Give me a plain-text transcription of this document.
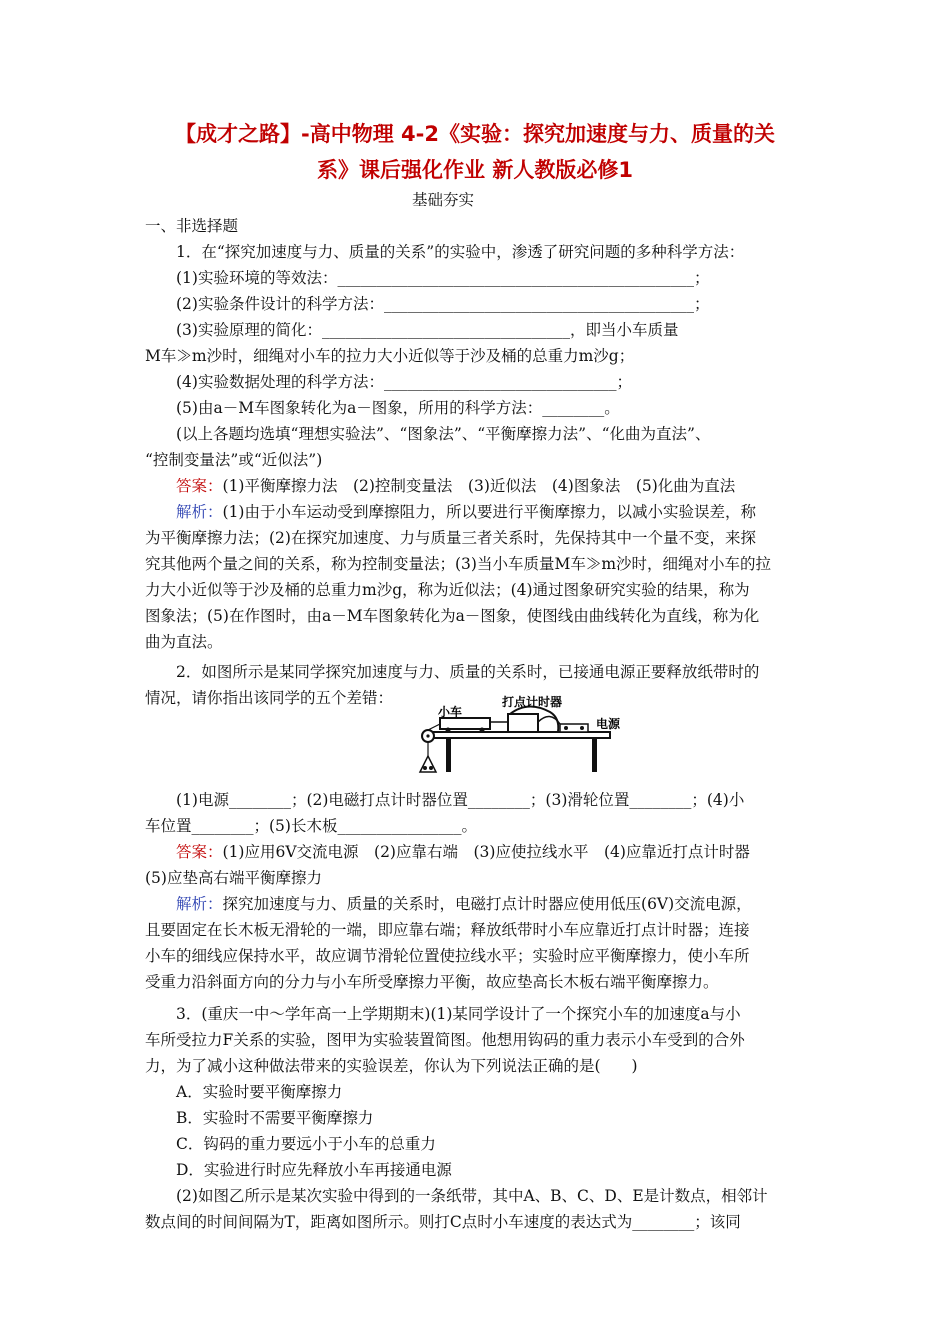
【成才之路】-高中物理 4-2《实验：探究加速度与力、质量的关
系》课后强化作业 新人教版必修1
基础夯实
一、非选择题
1．在“探究加速度与力、质量的关系”的实验中，渗透了研究问题的多种科学方法：
(1)实验环境的等效法：______________________________________________；
(2)实验条件设计的科学方法：________________________________________；
(3)实验原理的简化：________________________________，即当小车质量
M车≫m沙时，细绳对小车的拉力大小近似等于沙及桶的总重力m沙g；
(4)实验数据处理的科学方法：______________________________；
(5)由a－M车图象转化为a－图象，所用的科学方法：________。
(以上各题均选填“理想实验法”、“图象法”、“平衡摩擦力法”、“化曲为直法”、
“控制变量法”或“近似法”)
答案：(1)平衡摩擦力法　(2)控制变量法　(3)近似法　(4)图象法　(5)化曲为直法
解析：(1)由于小车运动受到摩擦阻力，所以要进行平衡摩擦力，以减小实验误差，称
为平衡摩擦力法；(2)在探究加速度、力与质量三者关系时，先保持其中一个量不变，来探
究其他两个量之间的关系，称为控制变量法；(3)当小车质量M车≫m沙时，细绳对小车的拉
力大小近似等于沙及桶的总重力m沙g，称为近似法；(4)通过图象研究实验的结果，称为
图象法；(5)在作图时，由a－M车图象转化为a－图象，使图线由曲线转化为直线，称为化
曲为直法。
2．如图所示是某同学探究加速度与力、质量的关系时，已接通电源正要释放纸带时的
情况，请你指出该同学的五个差错：
小车
打点计时器
电源
(1)电源________；(2)电磁打点计时器位置________；(3)滑轮位置________；(4)小
车位置________；(5)长木板________________。
答案：(1)应用6V交流电源　(2)应靠右端　(3)应使拉线水平　(4)应靠近打点计时器
(5)应垫高右端平衡摩擦力
解析：探究加速度与力、质量的关系时，电磁打点计时器应使用低压(6V)交流电源，
且要固定在长木板无滑轮的一端，即应靠右端；释放纸带时小车应靠近打点计时器；连接
小车的细线应保持水平，故应调节滑轮位置使拉线水平；实验时应平衡摩擦力，使小车所
受重力沿斜面方向的分力与小车所受摩擦力平衡，故应垫高长木板右端平衡摩擦力。
3．(重庆一中～学年高一上学期期末)(1)某同学设计了一个探究小车的加速度a与小
车所受拉力F关系的实验，图甲为实验装置简图。他想用钩码的重力表示小车受到的合外
力，为了减小这种做法带来的实验误差，你认为下列说法正确的是(　　)
A．实验时要平衡摩擦力
B．实验时不需要平衡摩擦力
C．钩码的重力要远小于小车的总重力
D．实验进行时应先释放小车再接通电源
(2)如图乙所示是某次实验中得到的一条纸带，其中A、B、C、D、E是计数点，相邻计
数点间的时间间隔为T，距离如图所示。则打C点时小车速度的表达式为________；该同
